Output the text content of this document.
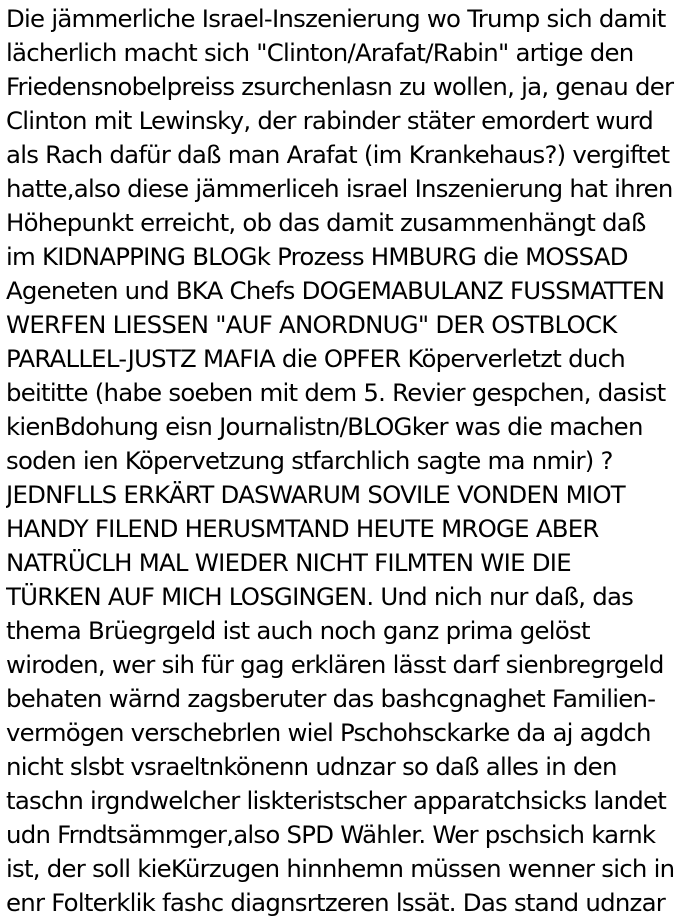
Die jämmerliche Israel-Inszenierung wo Trump sich damit
lächerlich macht sich "Clinton/Arafat/Rabin" artige den
Friedensnobelpreiss zsurchenlasn zu wollen, ja, genau der
Clinton mit Lewinsky, der rabinder stäter emordert wurd
als Rach dafür daß man Arafat (im Krankehaus?) vergiftet
hatte,also diese jämmerliceh israel Inszenierung hat ihren
Höhepunkt erreicht, ob das damit zusammenhängt daß
im KIDNAPPING BLOGk Prozess HMBURG die MOSSAD
Ageneten und BKA Chefs DOGEMABULANZ FUSSMATTEN
WERFEN LIESSEN "AUF ANORDNUG" DER OSTBLOCK
PARALLEL-JUSTZ MAFIA die OPFER Köperverletzt duch
beititte (habe soeben mit dem 5. Revier gespchen, dasist
kienBdohung eisn Journalistn/BLOGker was die machen
soden ien Köpervetzung stfarchlich sagte ma nmir) ?
JEDNFLLS ERKÄRT DASWARUM SOVILE VONDEN MIOT
HANDY FILEND HERUSMTAND HEUTE MROGE ABER
NATRÜCLH MAL WIEDER NICHT FILMTEN WIE DIE
TÜRKEN AUF MICH LOSGINGEN. Und nich nur daß, das
thema Brüegrgeld ist auch noch ganz prima gelöst
wiroden, wer sih für gag erklären lässt darf sienbregrgeld
behaten wärnd zagsberuter das bashcgnaghet Familien-
vermögen verschebrlen wiel Pschohsckarke da aj agdch
nicht slsbt vsraeltnkönenn udnzar so daß alles in den
taschn irgndwelcher liskteristscher apparatchsicks landet
udn Frndtsämmger,also SPD Wähler. Wer pschsich karnk
ist, der soll kieKürzugen hinnhemn müssen wenner sich in
enr Folterklik fashc diagnsrtzeren lssät. Das stand udnzar
